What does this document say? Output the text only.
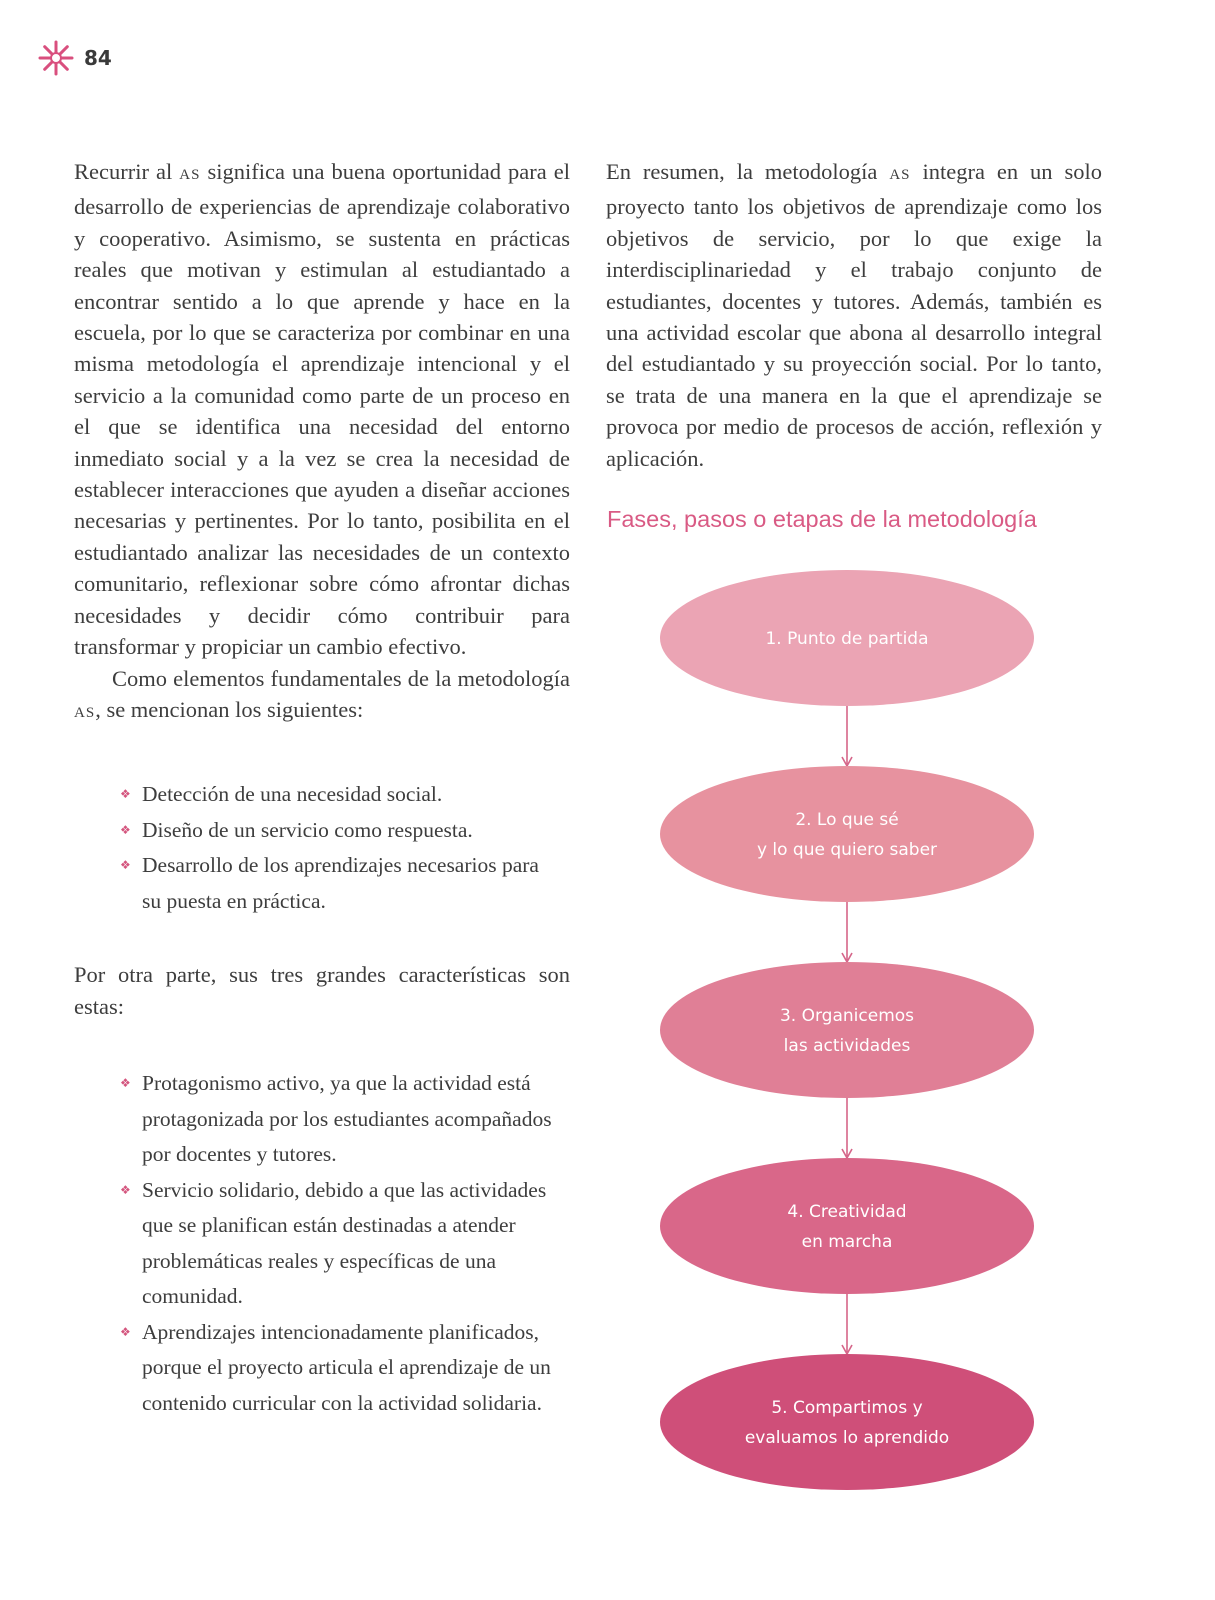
84

Recurrir al AS significa una buena oportunidad para el desarrollo de experiencias de aprendizaje colaborativo y cooperativo. Asimismo, se sustenta en prácticas reales que motivan y estimulan al estudiantado a encontrar sentido a lo que aprende y hace en la escuela, por lo que se caracteriza por combinar en una misma metodología el aprendizaje intencional y el servicio a la comunidad como parte de un proceso en el que se identifica una necesidad del entorno inmediato social y a la vez se crea la necesidad de establecer interacciones que ayuden a diseñar acciones necesarias y pertinentes. Por lo tanto, posibilita en el estudiantado analizar las necesidades de un contexto comunitario, reflexionar sobre cómo afrontar dichas necesidades y decidir cómo contribuir para transformar y propiciar un cambio efectivo.

Como elementos fundamentales de la metodología AS, se mencionan los siguientes:

❖ Detección de una necesidad social.
❖ Diseño de un servicio como respuesta.
❖ Desarrollo de los aprendizajes necesarios para su puesta en práctica.

Por otra parte, sus tres grandes características son estas:

❖ Protagonismo activo, ya que la actividad está protagonizada por los estudiantes acompañados por docentes y tutores.
❖ Servicio solidario, debido a que las actividades que se planifican están destinadas a atender problemáticas reales y específicas de una comunidad.
❖ Aprendizajes intencionadamente planificados, porque el proyecto articula el aprendizaje de un contenido curricular con la actividad solidaria.

En resumen, la metodología AS integra en un solo proyecto tanto los objetivos de aprendizaje como los objetivos de servicio, por lo que exige la interdisciplinariedad y el trabajo conjunto de estudiantes, docentes y tutores. Además, también es una actividad escolar que abona al desarrollo integral del estudiantado y su proyección social. Por lo tanto, se trata de una manera en la que el aprendizaje se provoca por medio de procesos de acción, reflexión y aplicación.

Fases, pasos o etapas de la metodología
1. Punto de partida
2. Lo que sé
y lo que quiero saber
3. Organicemos
las actividades
4. Creatividad
en marcha
5. Compartimos y
evaluamos lo aprendido
